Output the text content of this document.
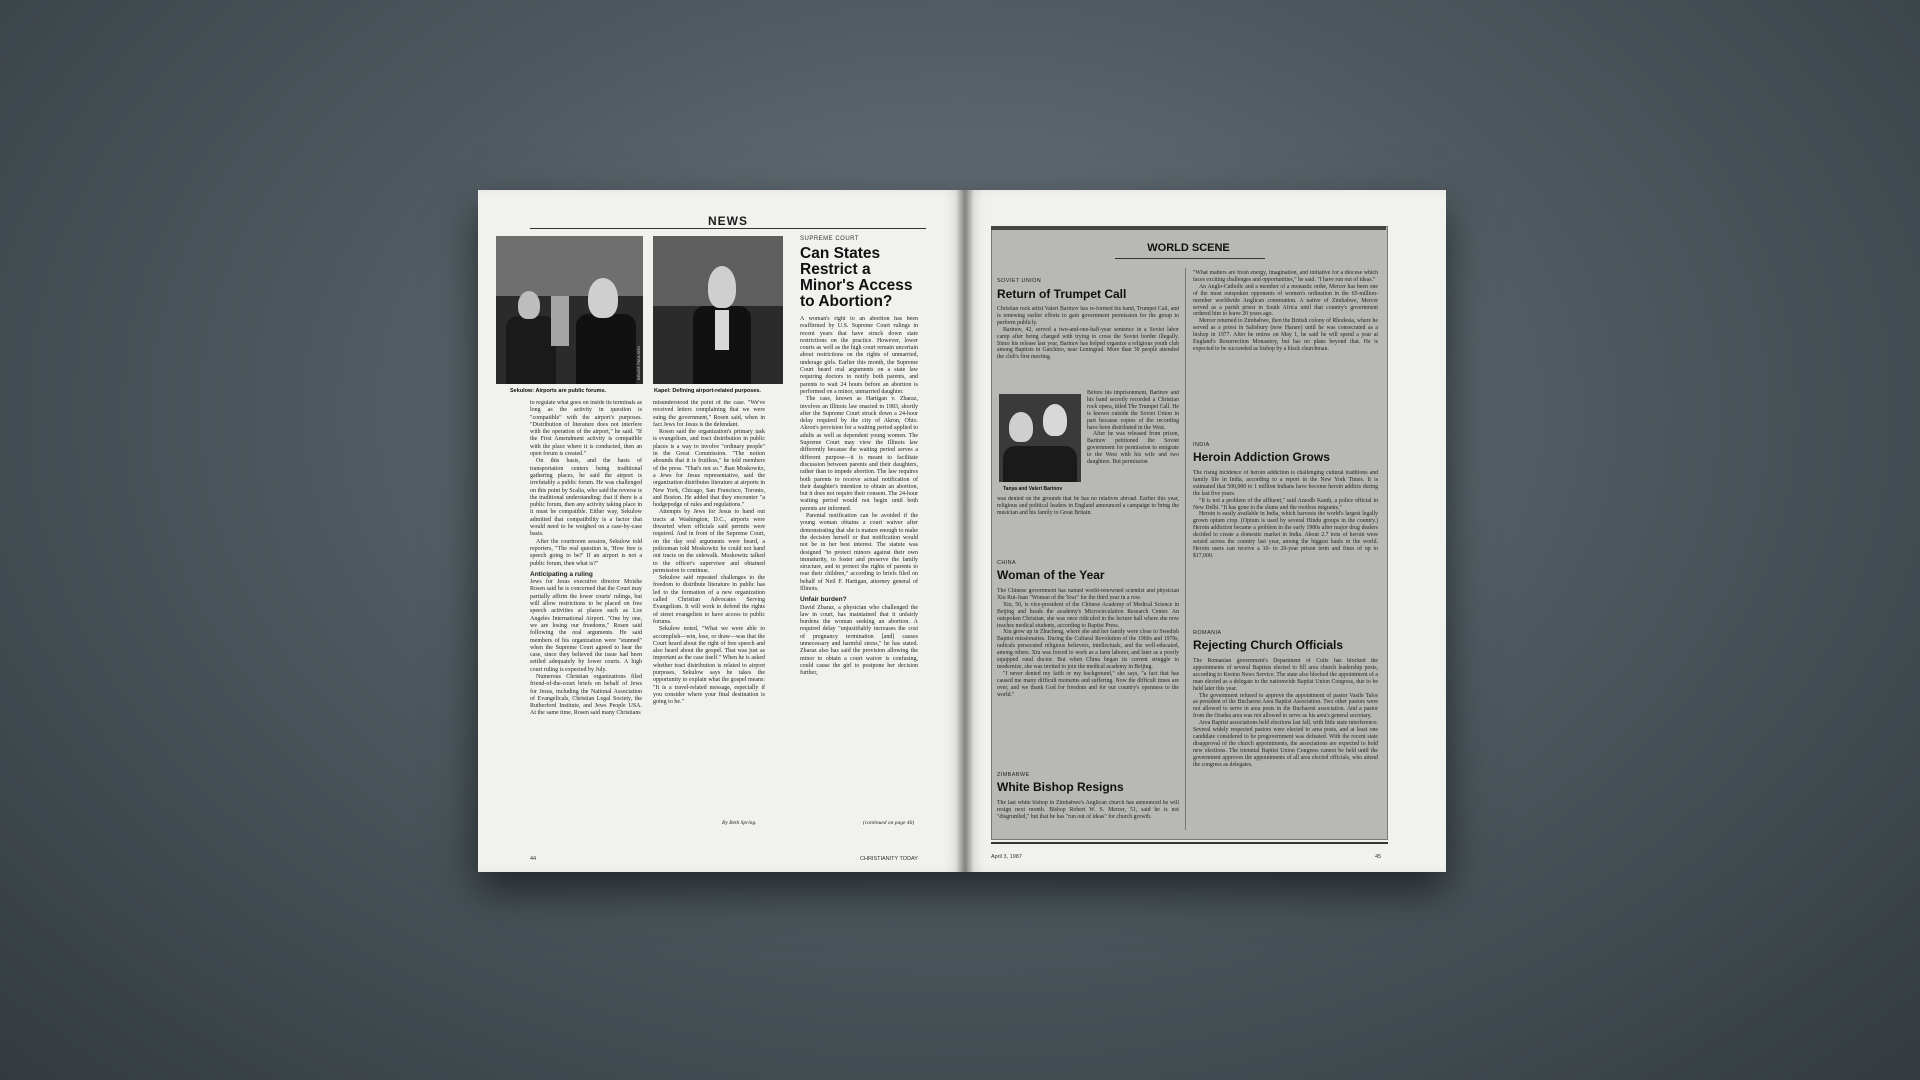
NEWS
BRUCE PAULSON
Sekulow: Airports are public forums.	Kapel: Defining airport-related purposes.

to regulate what goes on inside its terminals as long as the activity in question is "compatible" with the airport's purposes. "Distribution of literature does not interfere with the operation of the airport," he said. "If the First Amendment activity is compatible with the place where it is conducted, then an open forum is created."

On this basis, and the basis of transportation centers being traditional gathering places, he said the airport is irrefutably a public forum. He was challenged on this point by Scalia, who said the reverse is the traditional understanding: that if there is a public forum, then any activity taking place in it must be compatible. Either way, Sekulow admitted that compatibility is a factor that would need to be weighed on a case-by-case basis.

After the courtroom session, Sekulow told reporters, "The real question is, 'How free is speech going to be?' If an airport is not a public forum, then what is?"

Anticipating a ruling

Jews for Jesus executive director Moishe Rosen said he is concerned that the Court may partially affirm the lower courts' rulings, but will allow restrictions to be placed on free speech activities at places such as Los Angeles International Airport. "One by one, we are losing our freedoms," Rosen said following the oral arguments. He said members of his organization were "stunned" when the Supreme Court agreed to hear the case, since they believed the issue had been settled adequately by lower courts. A high court ruling is expected by July.

Numerous Christian organizations filed friend-of-the-court briefs on behalf of Jews for Jesus, including the National Association of Evangelicals, Christian Legal Society, the Rutherford Institute, and Jews People USA. At the same time, Rosen said many Christians

misunderstood the point of the case. "We've received letters complaining that we were suing the government," Rosen said, when in fact Jews for Jesus is the defendant.

Rosen said the organization's primary task is evangelism, and tract distribution in public places is a way to involve "ordinary people" in the Great Commission. "The notion abounds that it is fruitless," he told members of the press. "That's not so." Jhan Moskowitz, a Jews for Jesus representative, said the organization distributes literature at airports in New York, Chicago, San Francisco, Toronto, and Boston. He added that they encounter "a hodgepodge of rules and regulations."

Attempts by Jews for Jesus to hand out tracts at Washington, D.C., airports were thwarted when officials said permits were required. And in front of the Supreme Court, on the day oral arguments were heard, a policeman told Moskowitz he could not hand out tracts on the sidewalk. Moskowitz talked to the officer's supervisor and obtained permission to continue.

Sekulow said repeated challenges to the freedom to distribute literature in public has led to the formation of a new organization called Christian Advocates Serving Evangelism. It will work to defend the rights of street evangelists to have access to public forums.

Sekulow noted, "What we were able to accomplish—win, lose, or draw—was that the Court heard about the right of free speech and also heard about the gospel. That was just as important as the case itself." When he is asked whether tract distribution is related to airport purposes, Sekulow says he takes the opportunity to explain what the gospel means: "It is a travel-related message, especially if you consider where your final destination is going to be."

By Beth Spring.
SUPREME COURT
Can States Restrict a Minor's Access to Abortion?

A woman's right to an abortion has been reaffirmed by U.S. Supreme Court rulings in recent years that have struck down state restrictions on the practice. However, lower courts as well as the high court remain uncertain about restrictions on the rights of unmarried, underage girls. Earlier this month, the Supreme Court heard oral arguments on a state law requiring doctors to notify both parents, and parents to wait 24 hours before an abortion is performed on a minor, unmarried daughter.

The case, known as Hartigan v. Zbaraz, involves an Illinois law enacted in 1983, shortly after the Supreme Court struck down a 24-hour delay required by the city of Akron, Ohio. Akron's provision for a waiting period applied to adults as well as dependent young women. The Supreme Court may view the Illinois law differently because the waiting period serves a different purpose—it is meant to facilitate discussion between parents and their daughters, rather than to impede abortion. The law requires both parents to receive actual notification of their daughter's intention to obtain an abortion, but it does not require their consent. The 24-hour waiting period would not begin until both parents are informed.

Parental notification can be avoided if the young woman obtains a court waiver after demonstrating that she is mature enough to make the decision herself or that notification would not be in her best interest. The statute was designed "to protect minors against their own immaturity, to foster and preserve the family structure, and to protect the rights of parents to rear their children," according to briefs filed on behalf of Neil F. Hartigan, attorney general of Illinois.

Unfair burden?

David Zbaraz, a physician who challenged the law in court, has maintained that it unfairly burdens the woman seeking an abortion. A required delay "unjustifiably increases the cost of pregnancy termination [and] causes unnecessary and harmful stress," he has stated. Zbaraz also has said the provision allowing the minor to obtain a court waiver is confusing, could cause the girl to postpone her decision further,

(continued on page 46)
44	CHRISTIANITY TODAY
WORLD SCENE
SOVIET UNION
Return of Trumpet Call

Christian rock artist Valeri Barinov has re-formed his band, Trumpet Call, and is renewing earlier efforts to gain government permission for the group to perform publicly.

Barinov, 42, served a two-and-one-half-year sentence in a Soviet labor camp after being charged with trying to cross the Soviet border illegally. Since his release last year, Barinov has helped organize a religious youth club among Baptists in Gatchino, near Leningrad. More than 30 people attended the club's first meeting.

Tanya and Valeri Barinov

Before his imprisonment, Barinov and his band secretly recorded a Christian rock opera, titled The Trumpet Call. He is known outside the Soviet Union in part because copies of the recording have been distributed in the West.

After he was released from prison, Barinov petitioned the Soviet government for permission to emigrate to the West with his wife and two daughters. But permission

was denied on the grounds that he has no relatives abroad. Earlier this year, religious and political leaders in England announced a campaign to bring the musician and his family to Great Britain.

CHINA
Woman of the Year

The Chinese government has named world-renowned scientist and physician Xiu Rui-Juan "Woman of the Year" for the third year in a row.

Xiu, 50, is vice-president of the Chinese Academy of Medical Science in Beijing and heads the academy's Microcirculation Research Center. An outspoken Christian, she was once ridiculed in the lecture hall where she now teaches medical students, according to Baptist Press.

Xiu grew up in Zhucheng, where she and her family were close to Swedish Baptist missionaries. During the Cultural Revolution of the 1960s and 1970s, radicals persecuted religious believers, intellectuals, and the well-educated, among others. Xiu was forced to work as a farm laborer, and later as a poorly equipped rural doctor. But when China began its current struggle to modernize, she was invited to join the medical academy in Beijing.

"I never denied my faith or my background," she says, "a fact that has caused me many difficult moments and suffering. Now the difficult times are over, and we thank God for freedom and for our country's openness to the world."

ZIMBABWE
White Bishop Resigns

The last white bishop in Zimbabwe's Anglican church has announced he will resign next month. Bishop Robert W. S. Mercer, 51, said he is not "disgruntled," but that he has "run out of ideas" for church growth.

"What matters are fresh energy, imagination, and initiative for a diocese which faces exciting challenges and opportunities," he said. "I have run out of ideas."

An Anglo-Catholic and a member of a monastic order, Mercer has been one of the most outspoken opponents of women's ordination in the 65-million-member worldwide Anglican communion. A native of Zimbabwe, Mercer served as a parish priest in South Africa until that country's government ordered him to leave 20 years ago.

Mercer returned to Zimbabwe, then the British colony of Rhodesia, where he served as a priest in Salisbury (now Harare) until he was consecrated as a bishop in 1977. After he retires on May 1, he said he will spend a year at England's Resurrection Monastery, but has no plans beyond that. He is expected to be succeeded as bishop by a black churchman.

INDIA
Heroin Addiction Grows

The rising incidence of heroin addiction is challenging cultural traditions and family life in India, according to a report in the New York Times. It is estimated that 500,000 to 1 million Indians have become heroin addicts during the last five years.

"It is not a problem of the affluent," said Amodh Kanth, a police official in New Delhi. "It has gone to the slums and the rootless migrants."

Heroin is easily available in India, which harvests the world's largest legally grown opium crop. (Opium is used by several Hindu groups in the country.) Heroin addiction became a problem in the early 1980s after major drug dealers decided to create a domestic market in India. About 2.7 tons of heroin were seized across the country last year, among the biggest hauls in the world. Heroin users can receive a 10- to 20-year prison term and fines of up to $17,000.

ROMANIA
Rejecting Church Officials

The Romanian government's Department of Cults has blocked the appointments of several Baptists elected to fill area church leadership posts, according to Keston News Service. The state also blocked the appointment of a man elected as a delegate to the nationwide Baptist Union Congress, due to be held later this year.

The government refused to approve the appointment of pastor Vasile Talos as president of the Bucharest Area Baptist Association. Two other pastors were not allowed to serve in area posts in the Bucharest association. And a pastor from the Oradea area was not allowed to serve as his area's general secretary.

Area Baptist associations held elections last fall, with little state interference. Several widely respected pastors were elected to area posts, and at least one candidate considered to be progovernment was defeated. With the recent state disapproval of the church appointments, the associations are expected to hold new elections. The triennial Baptist Union Congress cannot be held until the government approves the appointments of all area elected officials, who attend the congress as delegates.

April 3, 1987	45
